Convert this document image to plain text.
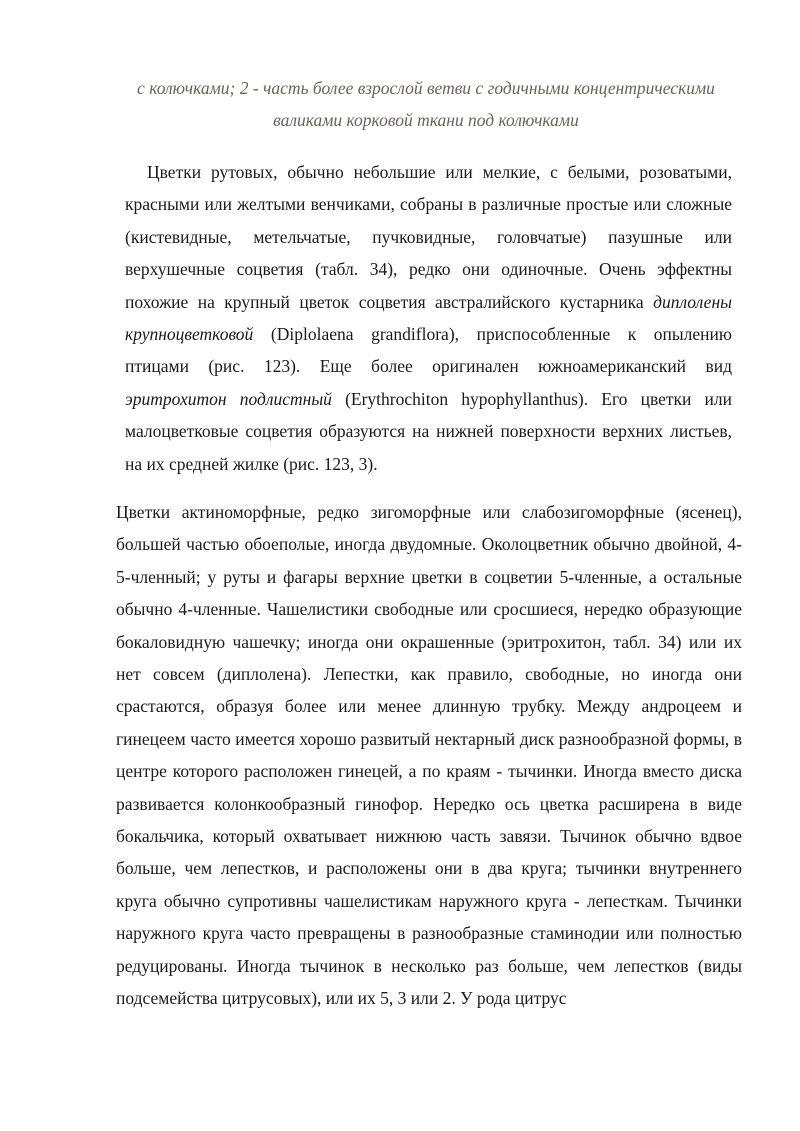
с колючками; 2 - часть более взрослой ветви с годичными концентрическими валиками корковой ткани под колючками

Цветки рутовых, обычно небольшие или мелкие, с белыми, розоватыми, красными или желтыми венчиками, собраны в различные простые или сложные (кистевидные, метельчатые, пучковидные, головчатые) пазушные или верхушечные соцветия (табл. 34), редко они одиночные. Очень эффектны похожие на крупный цветок соцветия австралийского кустарника диплолены крупноцветковой (Diplolaena grandiflora), приспособленные к опылению птицами (рис. 123). Еще более оригинален южноамериканский вид эритрохитон подлистный (Erythrochiton hypophyllanthus). Его цветки или малоцветковые соцветия образуются на нижней поверхности верхних листьев, на их средней жилке (рис. 123, 3).

Цветки актиноморфные, редко зигоморфные или слабозигоморфные (ясенец), большей частью обоеполые, иногда двудомные. Околоцветник обычно двойной, 4-5-членный; у руты и фагары верхние цветки в соцветии 5-членные, а остальные обычно 4-членные. Чашелистики свободные или сросшиеся, нередко образующие бокаловидную чашечку; иногда они окрашенные (эритрохитон, табл. 34) или их нет совсем (диплолена). Лепестки, как правило, свободные, но иногда они срастаются, образуя более или менее длинную трубку. Между андроцеем и гинецеем часто имеется хорошо развитый нектарный диск разнообразной формы, в центре которого расположен гинецей, а по краям - тычинки. Иногда вместо диска развивается колонкообразный гинофор. Нередко ось цветка расширена в виде бокальчика, который охватывает нижнюю часть завязи. Тычинок обычно вдвое больше, чем лепестков, и расположены они в два круга; тычинки внутреннего круга обычно супротивны чашелистикам наружного круга - лепесткам. Тычинки наружного круга часто превращены в разнообразные стаминодии или полностью редуцированы. Иногда тычинок в несколько раз больше, чем лепестков (виды подсемейства цитрусовых), или их 5, 3 или 2. У рода цитрус
